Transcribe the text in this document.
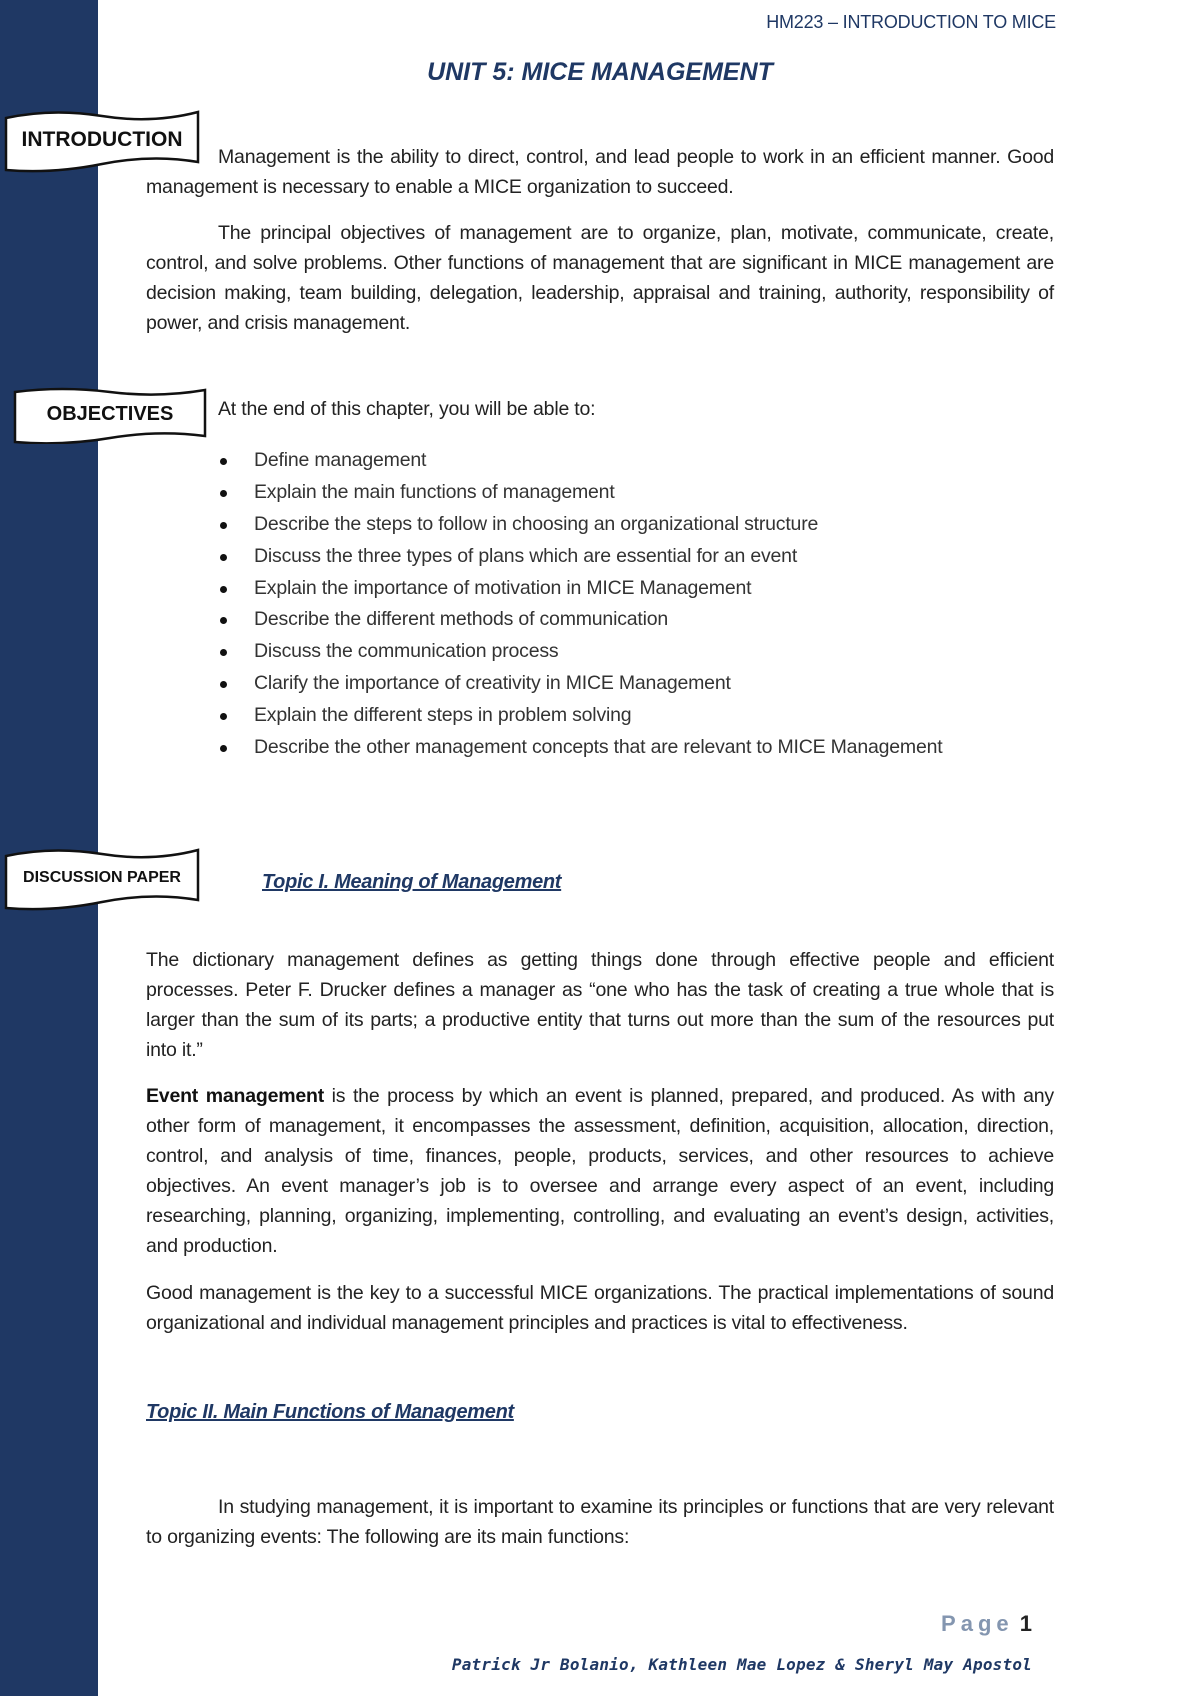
HM223 – INTRODUCTION TO MICE
UNIT 5: MICE MANAGEMENT
INTRODUCTION
Management is the ability to direct, control, and lead people to work in an efficient manner. Good management is necessary to enable a MICE organization to succeed.
The principal objectives of management are to organize, plan, motivate, communicate, create, control, and solve problems. Other functions of management that are significant in MICE management are decision making, team building, delegation, leadership, appraisal and training, authority, responsibility of power, and crisis management.
OBJECTIVES At the end of this chapter, you will be able to:
Define management
Explain the main functions of management
Describe the steps to follow in choosing an organizational structure
Discuss the three types of plans which are essential for an event
Explain the importance of motivation in MICE Management
Describe the different methods of communication
Discuss the communication process
Clarify the importance of creativity in MICE Management
Explain the different steps in problem solving
Describe the other management concepts that are relevant to MICE Management
DISCUSSION PAPER	Topic I. Meaning of Management
The dictionary management defines as getting things done through effective people and efficient processes. Peter F. Drucker defines a manager as “one who has the task of creating a true whole that is larger than the sum of its parts; a productive entity that turns out more than the sum of the resources put into it.”
Event management is the process by which an event is planned, prepared, and produced. As with any other form of management, it encompasses the assessment, definition, acquisition, allocation, direction, control, and analysis of time, finances, people, products, services, and other resources to achieve objectives. An event manager’s job is to oversee and arrange every aspect of an event, including researching, planning, organizing, implementing, controlling, and evaluating an event’s design, activities, and production.
Good management is the key to a successful MICE organizations. The practical implementations of sound organizational and individual management principles and practices is vital to effectiveness.
Topic II. Main Functions of Management
In studying management, it is important to examine its principles or functions that are very relevant to organizing events: The following are its main functions:
Page 1
Patrick Jr Bolanio, Kathleen Mae Lopez & Sheryl May Apostol
